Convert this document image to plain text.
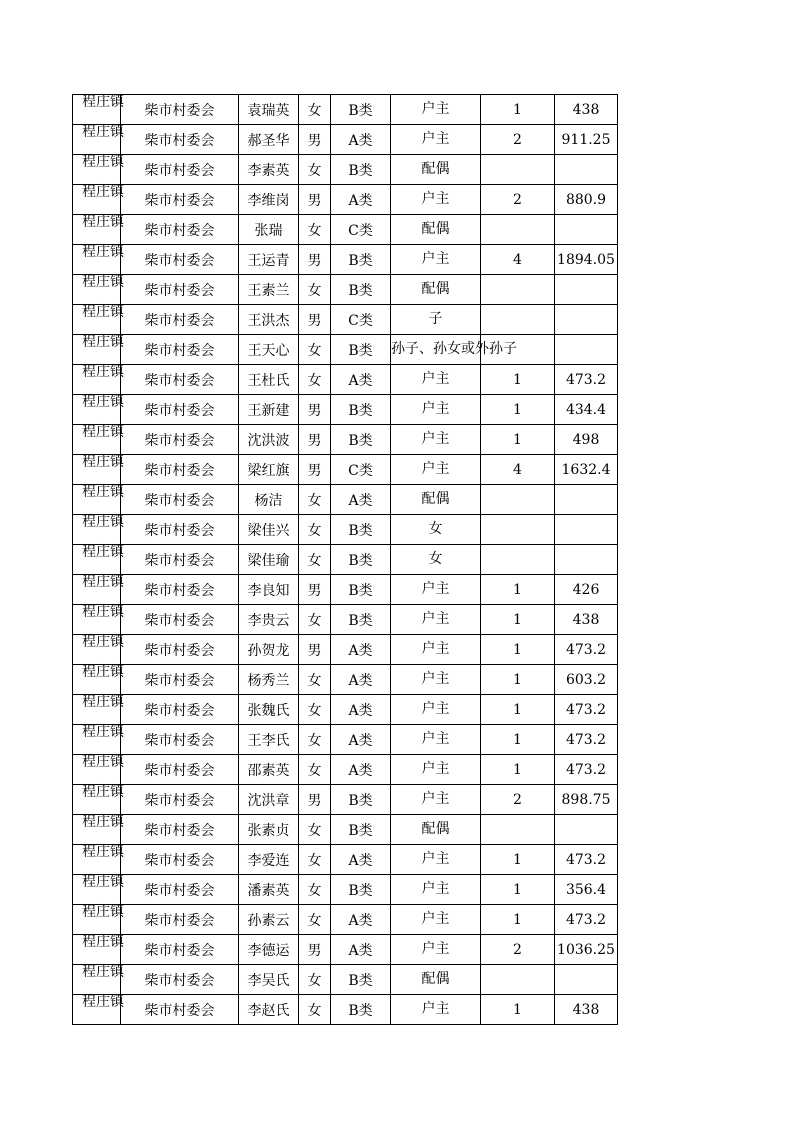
程庄镇	柴市村委会	袁瑞英	女	B类	户主	1	438

程庄镇	柴市村委会	郝圣华	男	A类	户主	2	911.25

程庄镇	柴市村委会	李素英	女	B类	配偶		

程庄镇	柴市村委会	李维岗	男	A类	户主	2	880.9

程庄镇	柴市村委会	张瑞	女	C类	配偶		

程庄镇	柴市村委会	王运青	男	B类	户主	4	1894.05

程庄镇	柴市村委会	王素兰	女	B类	配偶		

程庄镇	柴市村委会	王洪杰	男	C类	子		

程庄镇	柴市村委会	王天心	女	B类	孙子、孙女或外孙子		

程庄镇	柴市村委会	王杜氏	女	A类	户主	1	473.2

程庄镇	柴市村委会	王新建	男	B类	户主	1	434.4

程庄镇	柴市村委会	沈洪波	男	B类	户主	1	498

程庄镇	柴市村委会	梁红旗	男	C类	户主	4	1632.4

程庄镇	柴市村委会	杨洁	女	A类	配偶		

程庄镇	柴市村委会	梁佳兴	女	B类	女		

程庄镇	柴市村委会	梁佳瑜	女	B类	女		

程庄镇	柴市村委会	李良知	男	B类	户主	1	426

程庄镇	柴市村委会	李贵云	女	B类	户主	1	438

程庄镇	柴市村委会	孙贺龙	男	A类	户主	1	473.2

程庄镇	柴市村委会	杨秀兰	女	A类	户主	1	603.2

程庄镇	柴市村委会	张魏氏	女	A类	户主	1	473.2

程庄镇	柴市村委会	王李氏	女	A类	户主	1	473.2

程庄镇	柴市村委会	邵素英	女	A类	户主	1	473.2

程庄镇	柴市村委会	沈洪章	男	B类	户主	2	898.75

程庄镇	柴市村委会	张素贞	女	B类	配偶		

程庄镇	柴市村委会	李爱连	女	A类	户主	1	473.2

程庄镇	柴市村委会	潘素英	女	B类	户主	1	356.4

程庄镇	柴市村委会	孙素云	女	A类	户主	1	473.2

程庄镇	柴市村委会	李德运	男	A类	户主	2	1036.25

程庄镇	柴市村委会	李吴氏	女	B类	配偶		

程庄镇	柴市村委会	李赵氏	女	B类	户主	1	438
